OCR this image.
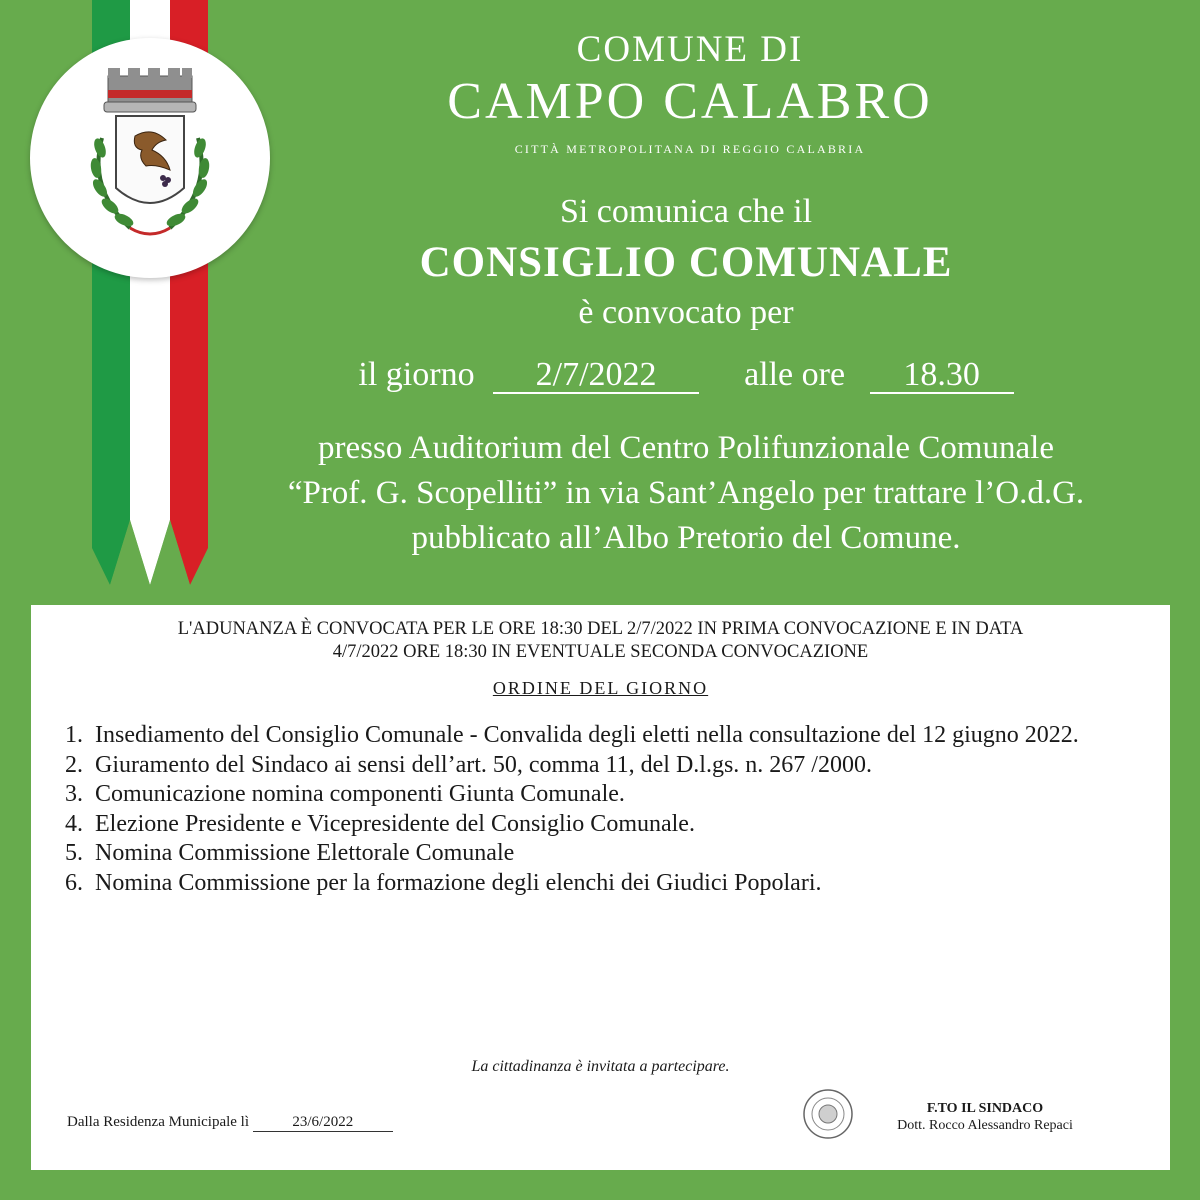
COMUNE DI
CAMPO CALABRO
CITTÀ METROPOLITANA DI REGGIO CALABRIA
Si comunica che il
CONSIGLIO COMUNALE
è convocato per
il giorno 2/7/2022	alle ore 18.30
presso Auditorium del Centro Polifunzionale Comunale
“Prof. G. Scopelliti” in via Sant’Angelo per trattare l’O.d.G.
pubblicato all’Albo Pretorio del Comune.
L'ADUNANZA È CONVOCATA PER LE ORE 18:30 DEL 2/7/2022 IN PRIMA CONVOCAZIONE E IN DATA
4/7/2022 ORE 18:30 IN EVENTUALE SECONDA CONVOCAZIONE
ORDINE DEL GIORNO
1. Insediamento del Consiglio Comunale - Convalida degli eletti nella consultazione del 12 giugno 2022.
2. Giuramento del Sindaco ai sensi dell’art. 50, comma 11, del D.l.gs. n. 267 /2000.
3. Comunicazione nomina componenti Giunta Comunale.
4. Elezione Presidente e Vicepresidente del Consiglio Comunale.
5. Nomina Commissione Elettorale Comunale
6. Nomina Commissione per la formazione degli elenchi dei Giudici Popolari.
La cittadinanza è invitata a partecipare.
Dalla Residenza Municipale lì	23/6/2022
F.TO IL SINDACO
Dott. Rocco Alessandro Repaci
